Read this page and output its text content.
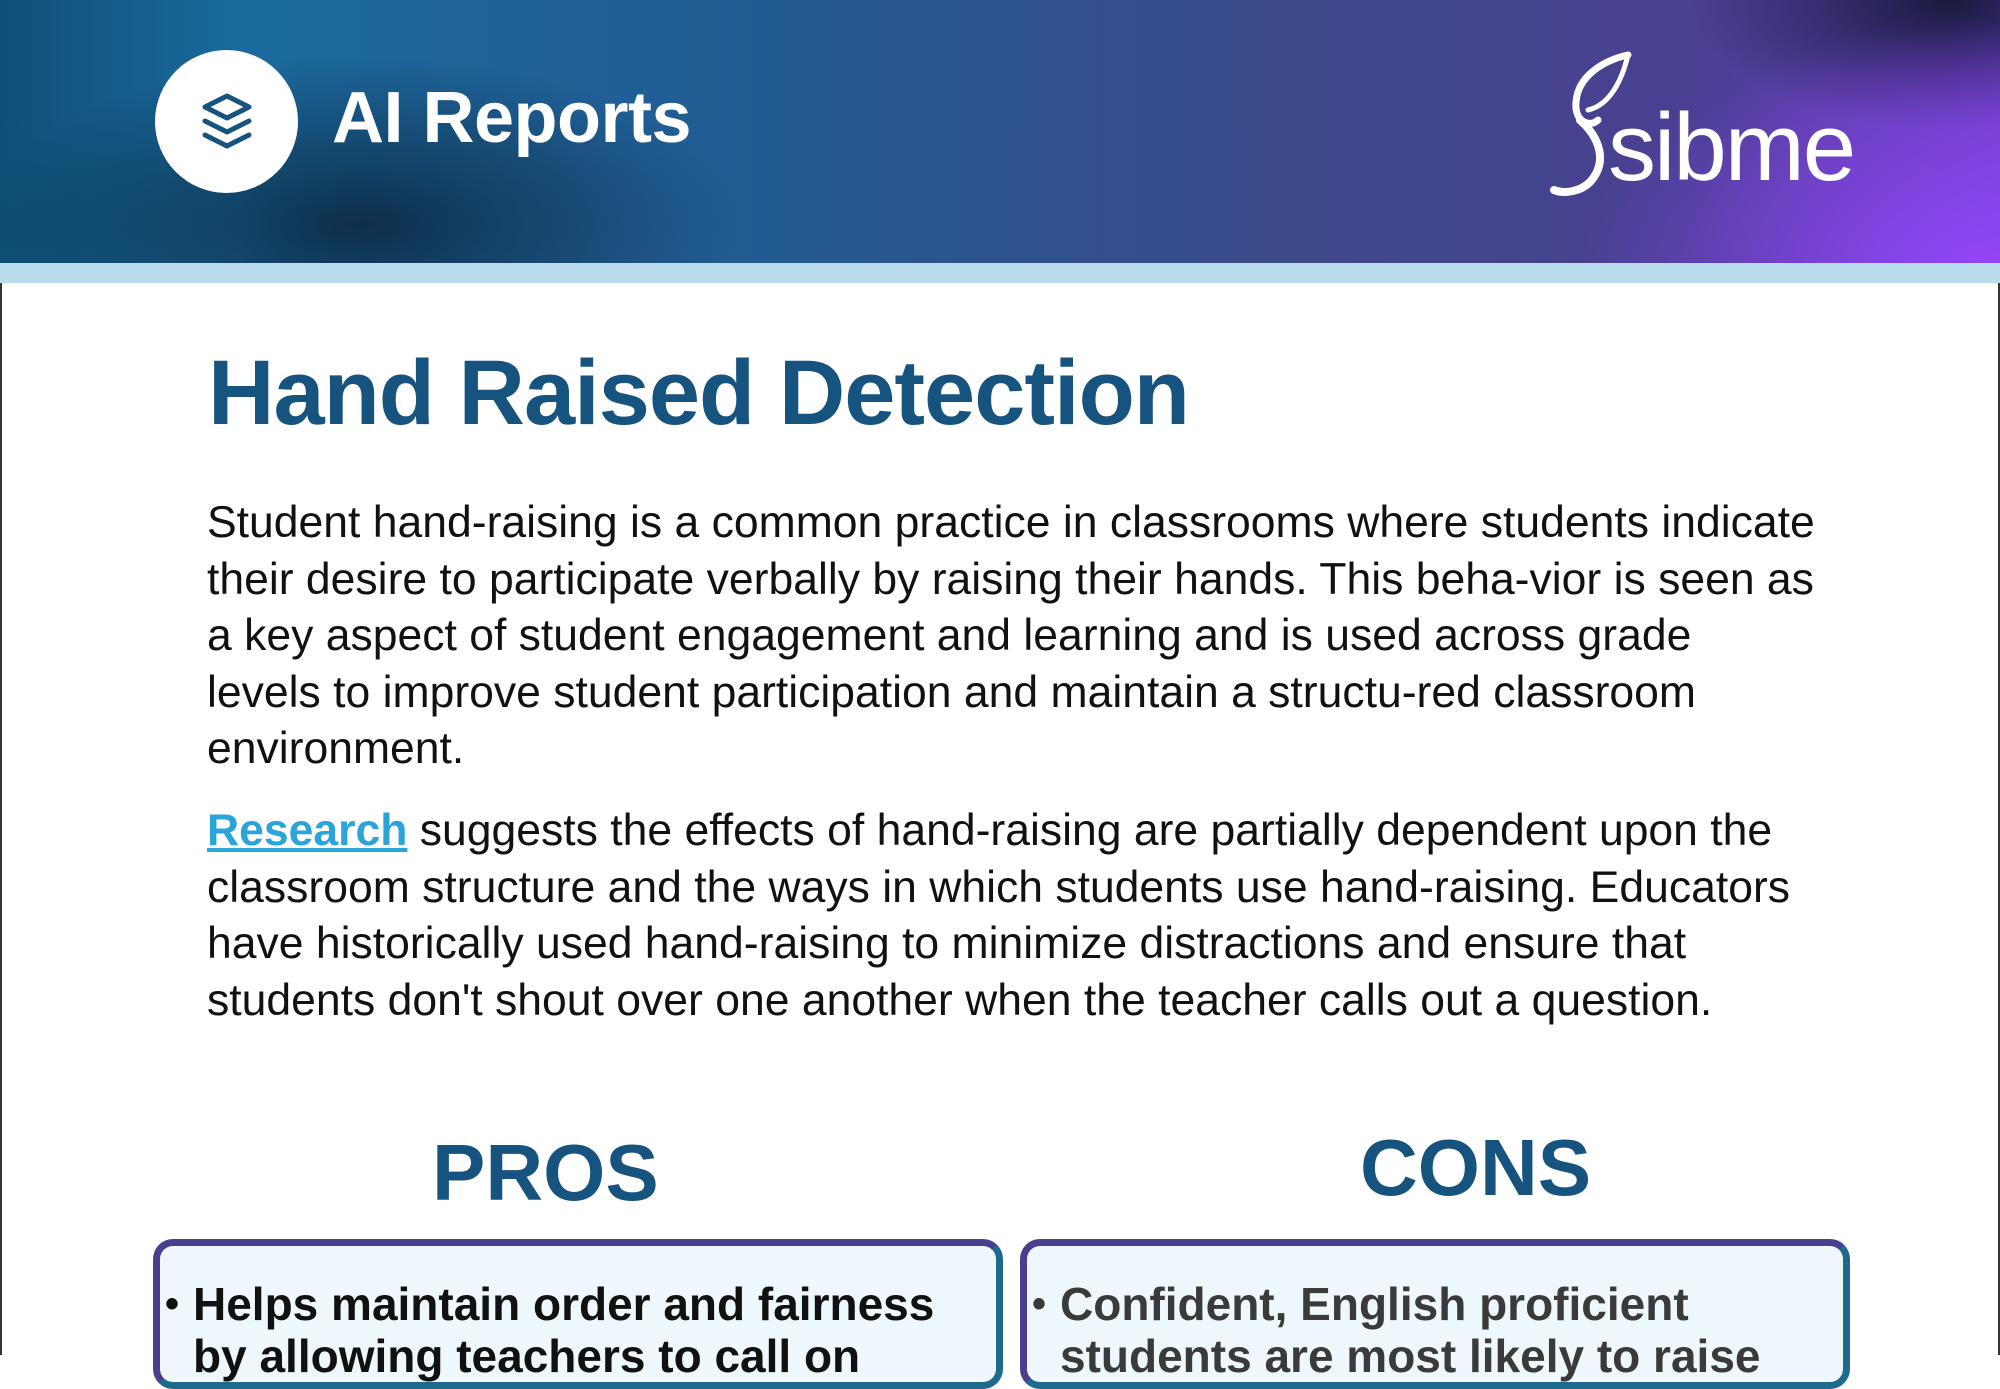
AI Reports	sibme
Hand Raised Detection

Student hand-raising is a common practice in classrooms where students indicate their desire to participate verbally by raising their hands. This beha-vior is seen as a key aspect of student engagement and learning and is used across grade levels to improve student participation and maintain a structu-red classroom environment.

Research suggests the effects of hand-raising are partially dependent upon the classroom structure and the ways in which students use hand-raising. Educators have historically used hand-raising to minimize distractions and ensure that students don't shout over one another when the teacher calls out a question.

PROS	CONS
• Helps maintain order and fairness by allowing teachers to call on
• Confident, English proficient students are most likely to raise
